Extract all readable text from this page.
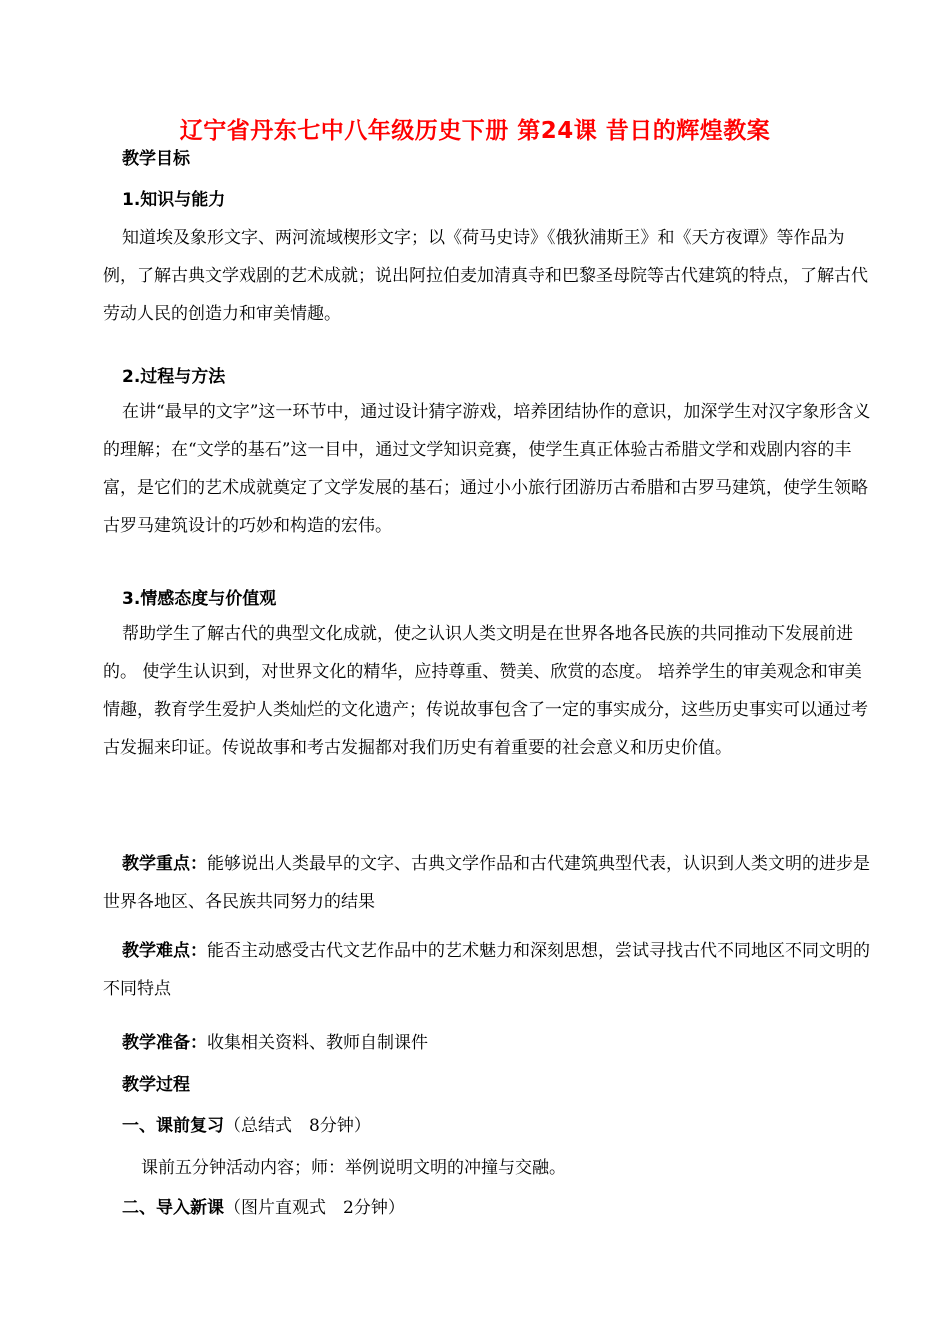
辽宁省丹东七中八年级历史下册 第24课 昔日的辉煌教案
教学目标
1.知识与能力
知道埃及象形文字、两河流域楔形文字；以《荷马史诗》《俄狄浦斯王》和《天方夜谭》等作品为例，了解古典文学戏剧的艺术成就；说出阿拉伯麦加清真寺和巴黎圣母院等古代建筑的特点，了解古代劳动人民的创造力和审美情趣。
2.过程与方法
在讲“最早的文字”这一环节中，通过设计猜字游戏，培养团结协作的意识，加深学生对汉字象形含义的理解；在“文学的基石”这一目中，通过文学知识竞赛，使学生真正体验古希腊文学和戏剧内容的丰富，是它们的艺术成就奠定了文学发展的基石；通过小小旅行团游历古希腊和古罗马建筑，使学生领略古罗马建筑设计的巧妙和构造的宏伟。
3.情感态度与价值观
帮助学生了解古代的典型文化成就，使之认识人类文明是在世界各地各民族的共同推动下发展前进的。 使学生认识到，对世界文化的精华，应持尊重、赞美、欣赏的态度。 培养学生的审美观念和审美情趣，教育学生爱护人类灿烂的文化遗产；传说故事包含了一定的事实成分，这些历史事实可以通过考古发掘来印证。传说故事和考古发掘都对我们历史有着重要的社会意义和历史价值。
教学重点：能够说出人类最早的文字、古典文学作品和古代建筑典型代表，认识到人类文明的进步是世界各地区、各民族共同努力的结果
教学难点：能否主动感受古代文艺作品中的艺术魅力和深刻思想，尝试寻找古代不同地区不同文明的不同特点
教学准备：收集相关资料、教师自制课件
教学过程
一、课前复习（总结式　8分钟）
课前五分钟活动内容；师：举例说明文明的冲撞与交融。
二、导入新课（图片直观式　2分钟）
